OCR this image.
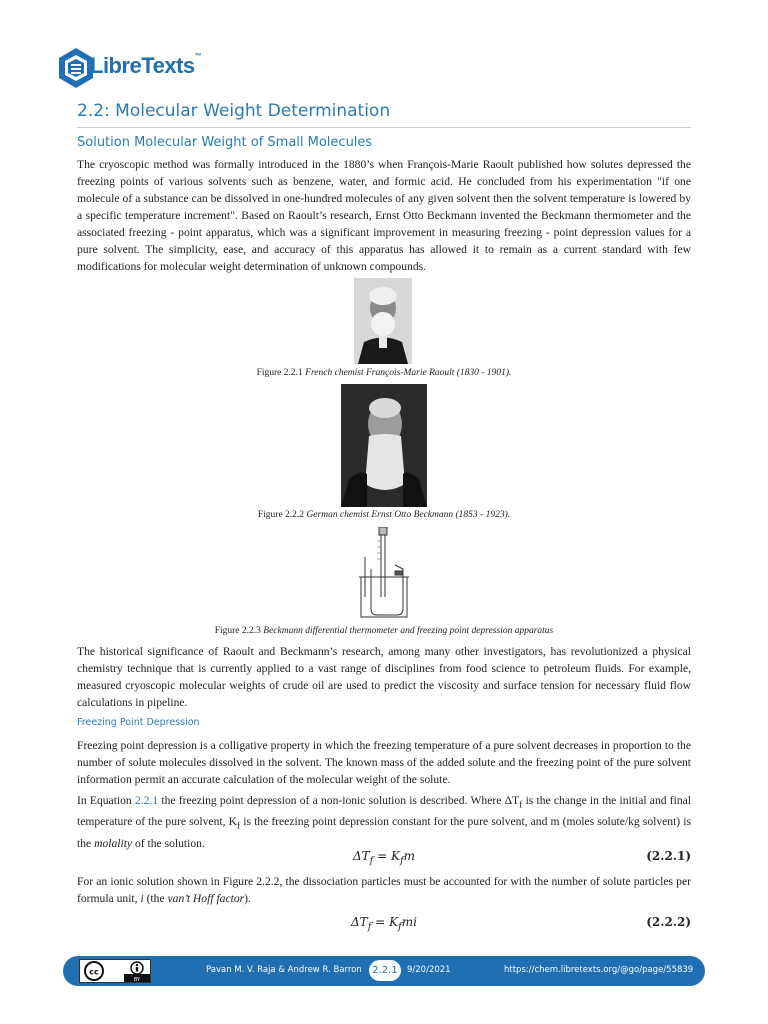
LibreTexts™
2.2: Molecular Weight Determination
Solution Molecular Weight of Small Molecules

The cryoscopic method was formally introduced in the 1880’s when François-Marie Raoult published how solutes depressed the freezing points of various solvents such as benzene, water, and formic acid. He concluded from his experimentation "if one molecule of a substance can be dissolved in one-hundred molecules of any given solvent then the solvent temperature is lowered by a specific temperature increment". Based on Raoult’s research, Ernst Otto Beckmann invented the Beckmann thermometer and the associated freezing - point apparatus, which was a significant improvement in measuring freezing - point depression values for a pure solvent. The simplicity, ease, and accuracy of this apparatus has allowed it to remain as a current standard with few modifications for molecular weight determination of unknown compounds.

Figure 2.2.1 French chemist François-Marie Raoult (1830 - 1901).

Figure 2.2.2 German chemist Ernst Otto Beckmann (1853 - 1923).

Figure 2.2.3 Beckmann differential thermometer and freezing point depression apparatus

The historical significance of Raoult and Beckmann’s research, among many other investigators, has revolutionized a physical chemistry technique that is currently applied to a vast range of disciplines from food science to petroleum fluids. For example, measured cryoscopic molecular weights of crude oil are used to predict the viscosity and surface tension for necessary fluid flow calculations in pipeline.

Freezing Point Depression

Freezing point depression is a colligative property in which the freezing temperature of a pure solvent decreases in proportion to the number of solute molecules dissolved in the solvent. The known mass of the added solute and the freezing point of the pure solvent information permit an accurate calculation of the molecular weight of the solute.

In Equation 2.2.1 the freezing point depression of a non-ionic solution is described. Where $\Delta T_f$ is the change in the initial and final temperature of the pure solvent, $K_f$ is the freezing point depression constant for the pure solvent, and m (moles solute/kg solvent) is the molality of the solution.

$\Delta T_f = K_fm$	(2.2.1)

For an ionic solution shown in Figure 2.2.2, the dissociation particles must be accounted for with the number of solute particles per formula unit, i (the van’t Hoff factor).

$\Delta T_f = K_fmi$	(2.2.2)
cc
BY
Pavan M. V. Raja & Andrew R. Barron	2.2.1	9/20/2021	https://chem.libretexts.org/@go/page/55839
